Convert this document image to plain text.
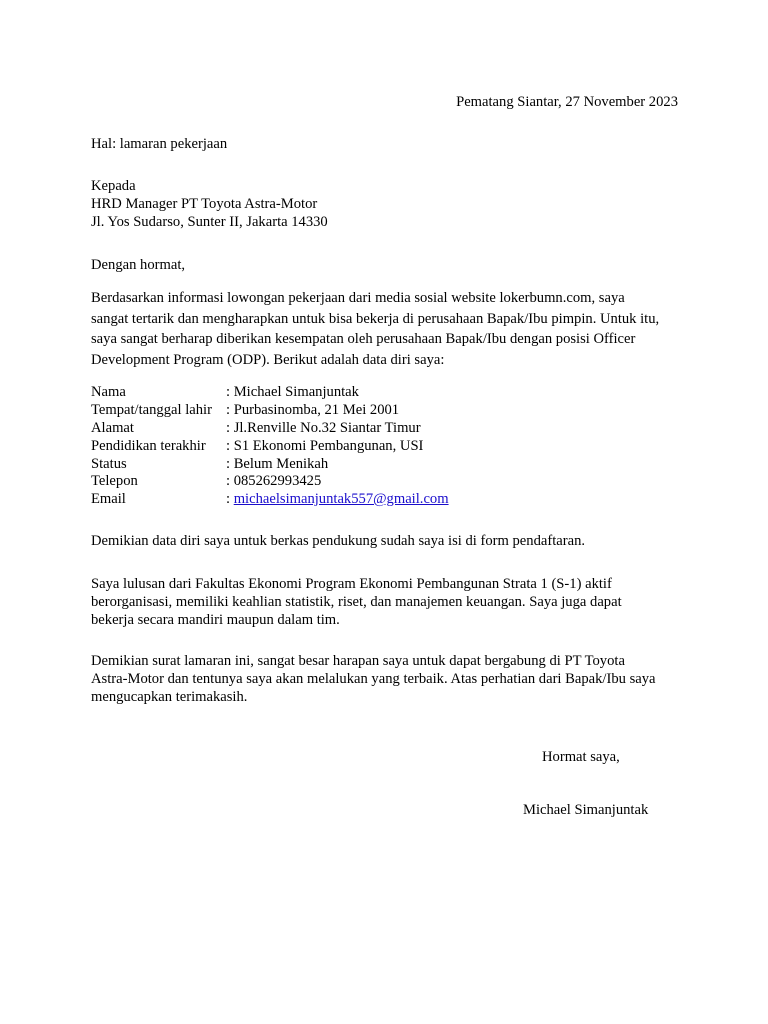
Pematang Siantar, 27 November 2023
Hal: lamaran pekerjaan
Kepada
HRD Manager PT Toyota Astra-Motor
Jl. Yos Sudarso, Sunter II, Jakarta 14330
Dengan hormat,
Berdasarkan informasi lowongan pekerjaan dari media sosial website lokerbumn.com, saya
sangat tertarik dan mengharapkan untuk bisa bekerja di perusahaan Bapak/Ibu pimpin. Untuk itu,
saya sangat berharap diberikan kesempatan oleh perusahaan Bapak/Ibu dengan posisi Officer
Development Program (ODP). Berikut adalah data diri saya:
Nama	: Michael Simanjuntak
Tempat/tanggal lahir : Purbasinomba, 21 Mei 2001
Alamat	: Jl.Renville No.32 Siantar Timur
Pendidikan terakhir : S1 Ekonomi Pembangunan, USI
Status	: Belum Menikah
Telepon	: 085262993425
Email	: michaelsimanjuntak557@gmail.com
Demikian data diri saya untuk berkas pendukung sudah saya isi di form pendaftaran.
Saya lulusan dari Fakultas Ekonomi Program Ekonomi Pembangunan Strata 1 (S-1) aktif
berorganisasi, memiliki keahlian statistik, riset, dan manajemen keuangan. Saya juga dapat
bekerja secara mandiri maupun dalam tim.
Demikian surat lamaran ini, sangat besar harapan saya untuk dapat bergabung di PT Toyota
Astra-Motor dan tentunya saya akan melalukan yang terbaik. Atas perhatian dari Bapak/Ibu saya
mengucapkan terimakasih.
Hormat saya,
Michael Simanjuntak
